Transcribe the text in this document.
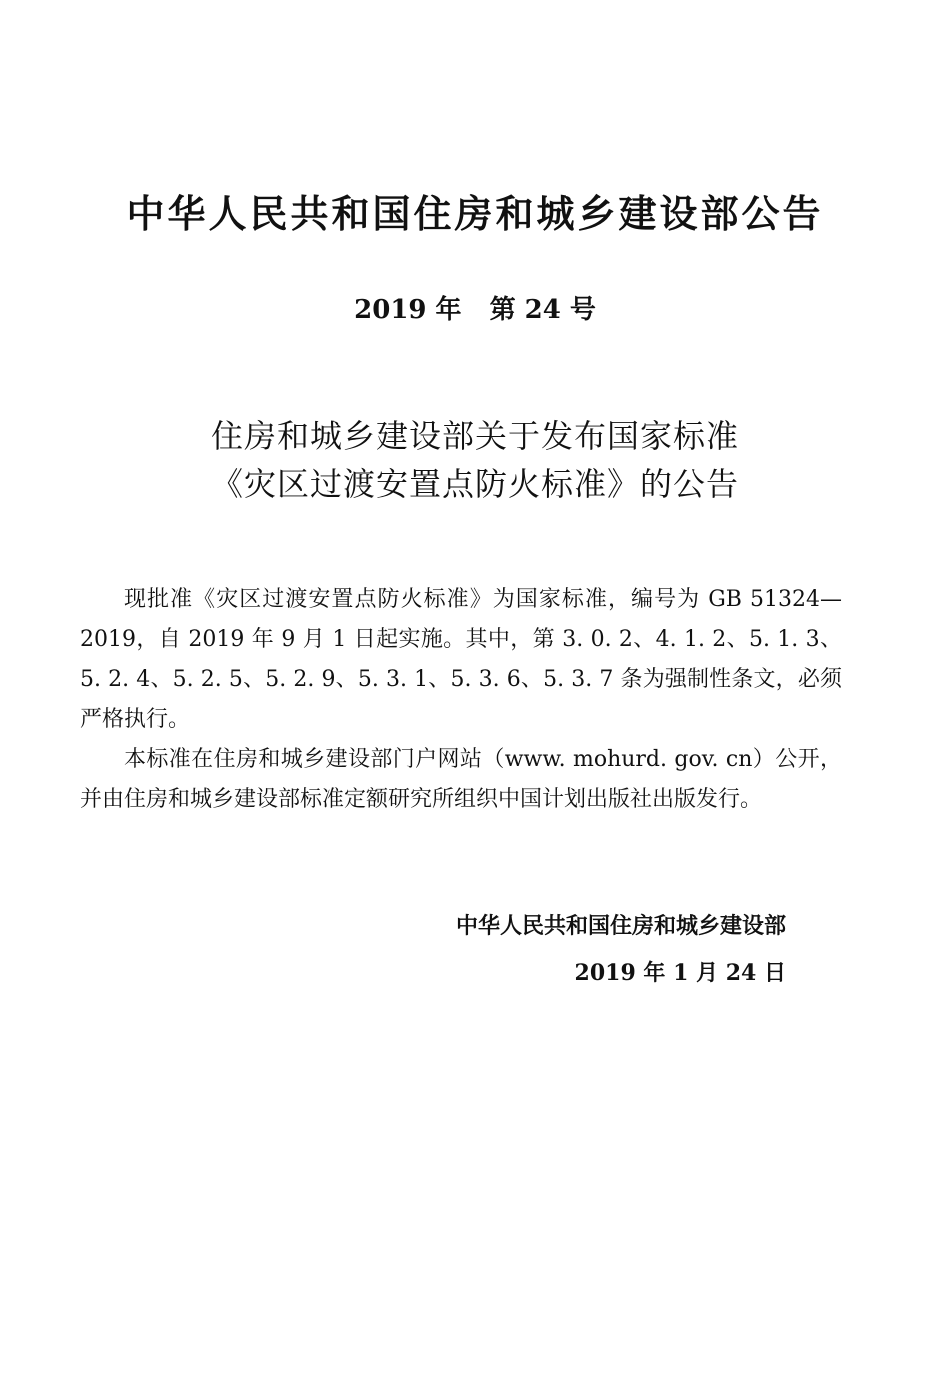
中华人民共和国住房和城乡建设部公告
2019 年 第 24 号
住房和城乡建设部关于发布国家标准
《灾区过渡安置点防火标准》的公告

现批准《灾区过渡安置点防火标准》为国家标准，编号为 GB 51324—2019，自 2019 年 9 月 1 日起实施。其中，第 3. 0. 2、4. 1. 2、5. 1. 3、5. 2. 4、5. 2. 5、5. 2. 9、5. 3. 1、5. 3. 6、5. 3. 7 条为强制性条文，必须严格执行。

本标准在住房和城乡建设部门户网站（www. mohurd. gov. cn）公开，并由住房和城乡建设部标准定额研究所组织中国计划出版社出版发行。

中华人民共和国住房和城乡建设部
2019 年 1 月 24 日
